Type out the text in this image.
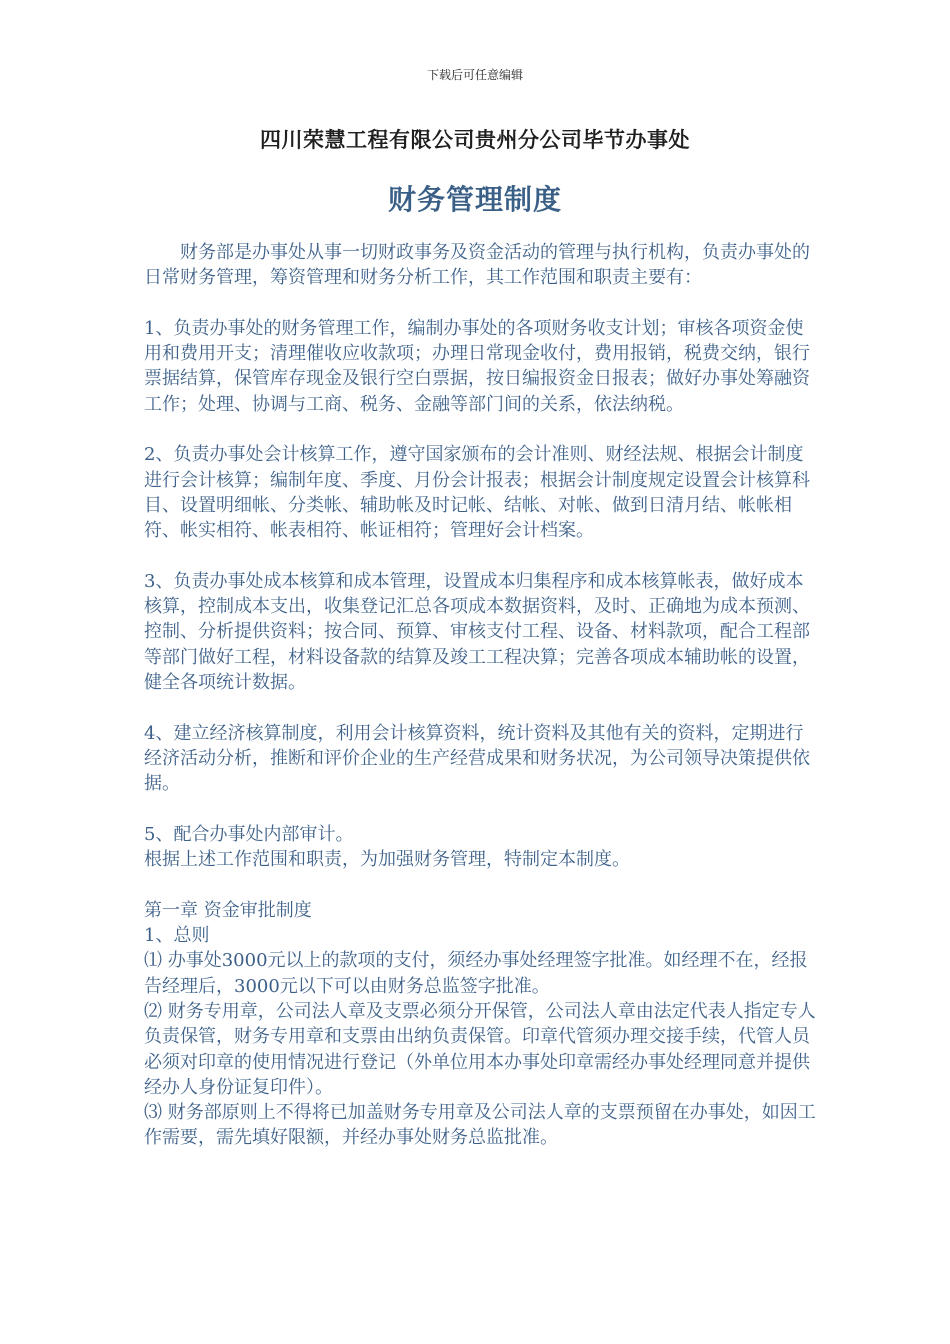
下载后可任意编辑
四川荣慧工程有限公司贵州分公司毕节办事处
财务管理制度

财务部是办事处从事一切财政事务及资金活动的管理与执行机构，负责办事处的日常财务管理，筹资管理和财务分析工作，其工作范围和职责主要有：

1、负责办事处的财务管理工作，编制办事处的各项财务收支计划；审核各项资金使用和费用开支；清理催收应收款项；办理日常现金收付，费用报销，税费交纳，银行票据结算，保管库存现金及银行空白票据，按日编报资金日报表；做好办事处筹融资工作；处理、协调与工商、税务、金融等部门间的关系，依法纳税。

2、负责办事处会计核算工作，遵守国家颁布的会计准则、财经法规、根据会计制度进行会计核算；编制年度、季度、月份会计报表；根据会计制度规定设置会计核算科目、设置明细帐、分类帐、辅助帐及时记帐、结帐、对帐、做到日清月结、帐帐相符、帐实相符、帐表相符、帐证相符；管理好会计档案。

3、负责办事处成本核算和成本管理，设置成本归集程序和成本核算帐表，做好成本核算，控制成本支出，收集登记汇总各项成本数据资料，及时、正确地为成本预测、控制、分析提供资料；按合同、预算、审核支付工程、设备、材料款项，配合工程部等部门做好工程，材料设备款的结算及竣工工程决算；完善各项成本辅助帐的设置，健全各项统计数据。

4、建立经济核算制度，利用会计核算资料，统计资料及其他有关的资料，定期进行经济活动分析，推断和评价企业的生产经营成果和财务状况，为公司领导决策提供依据。

5、配合办事处内部审计。

根据上述工作范围和职责，为加强财务管理，特制定本制度。

第一章 资金审批制度

1、总则

⑴ 办事处3000元以上的款项的支付，须经办事处经理签字批准。如经理不在，经报告经理后，3000元以下可以由财务总监签字批准。

⑵ 财务专用章，公司法人章及支票必须分开保管，公司法人章由法定代表人指定专人负责保管，财务专用章和支票由出纳负责保管。印章代管须办理交接手续，代管人员必须对印章的使用情况进行登记（外单位用本办事处印章需经办事处经理同意并提供经办人身份证复印件）。

⑶ 财务部原则上不得将已加盖财务专用章及公司法人章的支票预留在办事处，如因工作需要，需先填好限额，并经办事处财务总监批准。
